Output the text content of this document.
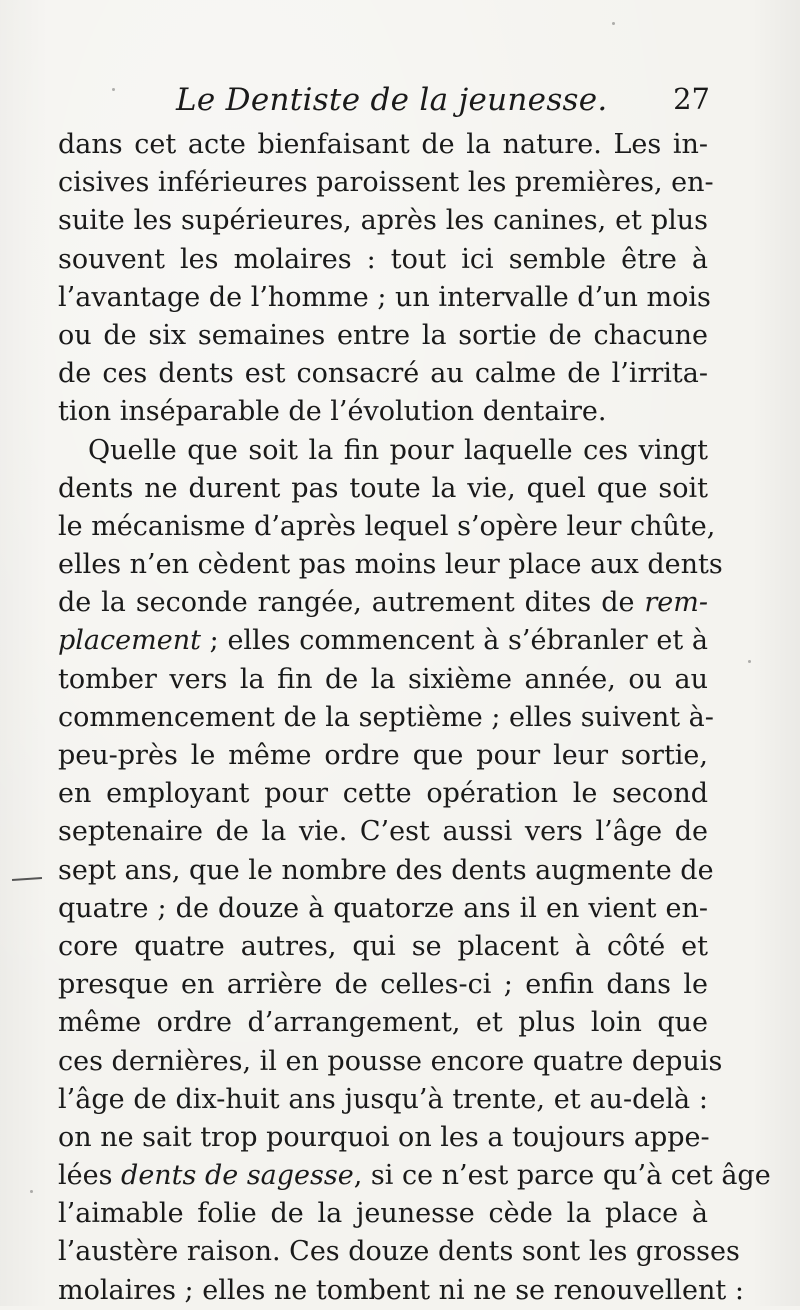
Le Dentiste de la jeunesse. 27
dans cet acte bienfaisant de la nature. Les in-
cisives inférieures paroissent les premières, en-
suite les supérieures, après les canines, et plus
souvent les molaires : tout ici semble être à
l’avantage de l’homme ; un intervalle d’un mois
ou de six semaines entre la sortie de chacune
de ces dents est consacré au calme de l’irrita-
tion inséparable de l’évolution dentaire.
Quelle que soit la fin pour laquelle ces vingt
dents ne durent pas toute la vie, quel que soit
le mécanisme d’après lequel s’opère leur chûte,
elles n’en cèdent pas moins leur place aux dents
de la seconde rangée, autrement dites de rem-
placement ; elles commencent à s’ébranler et à
tomber vers la fin de la sixième année, ou au
commencement de la septième ; elles suivent à-
peu-près le même ordre que pour leur sortie,
en employant pour cette opération le second
septenaire de la vie. C’est aussi vers l’âge de
sept ans, que le nombre des dents augmente de
quatre ; de douze à quatorze ans il en vient en-
core quatre autres, qui se placent à côté et
presque en arrière de celles-ci ; enfin dans le
même ordre d’arrangement, et plus loin que
ces dernières, il en pousse encore quatre depuis
l’âge de dix-huit ans jusqu’à trente, et au-delà :
on ne sait trop pourquoi on les a toujours appe-
lées dents de sagesse, si ce n’est parce qu’à cet âge
l’aimable folie de la jeunesse cède la place à
l’austère raison. Ces douze dents sont les grosses
molaires ; elles ne tombent ni ne se renouvellent :
